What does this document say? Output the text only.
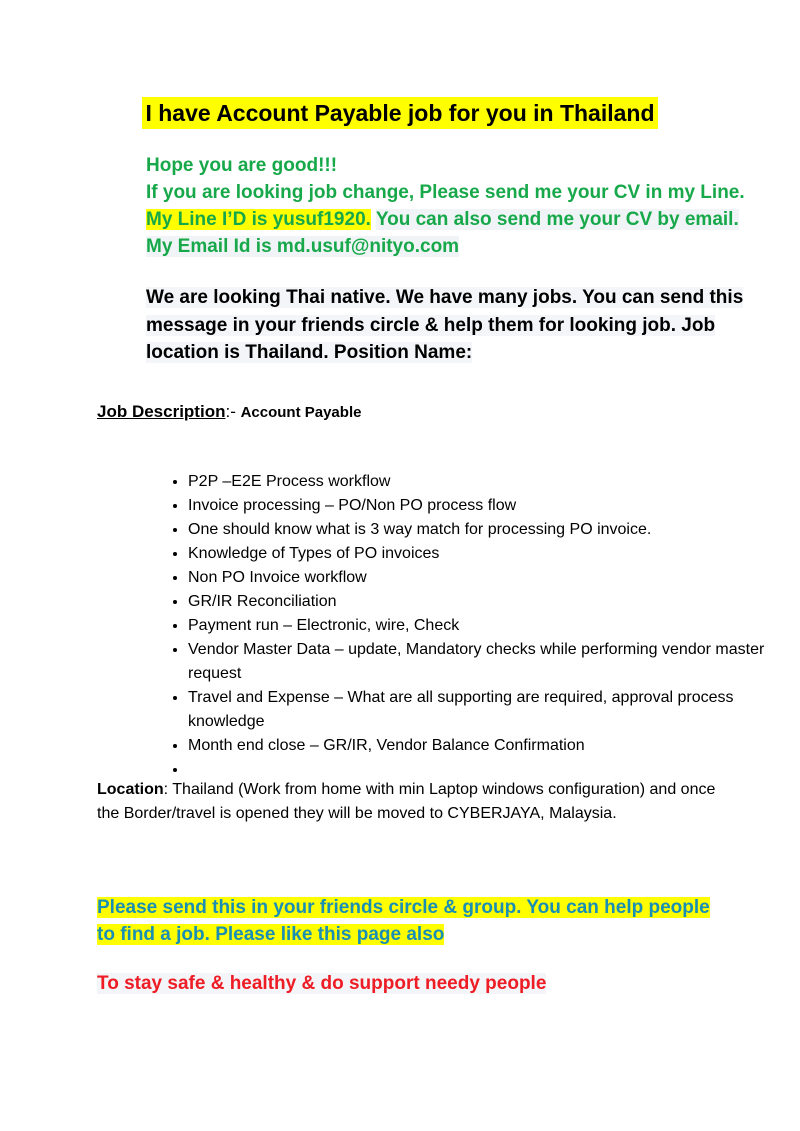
I have Account Payable job for you in Thailand
Hope you are good!!!
If you are looking job change, Please send me your CV in my Line. My Line I’D is yusuf1920. You can also send me your CV by email. My Email Id is md.usuf@nityo.com
We are looking Thai native. We have many jobs. You can send this message in your friends circle & help them for looking job. Job location is Thailand. Position Name:
Job Description:- Account Payable
• P2P –E2E Process workflow
• Invoice processing – PO/Non PO process flow
• One should know what is 3 way match for processing PO invoice.
• Knowledge of Types of PO invoices
• Non PO Invoice workflow
• GR/IR Reconciliation
• Payment run – Electronic, wire, Check
• Vendor Master Data – update, Mandatory checks while performing vendor master request
• Travel and Expense – What are all supporting are required, approval process knowledge
• Month end close – GR/IR, Vendor Balance Confirmation
•
Location: Thailand (Work from home with min Laptop windows configuration) and once the Border/travel is opened they will be moved to CYBERJAYA, Malaysia.
Please send this in your friends circle & group. You can help people to find a job. Please like this page also
To stay safe & healthy & do support needy people
